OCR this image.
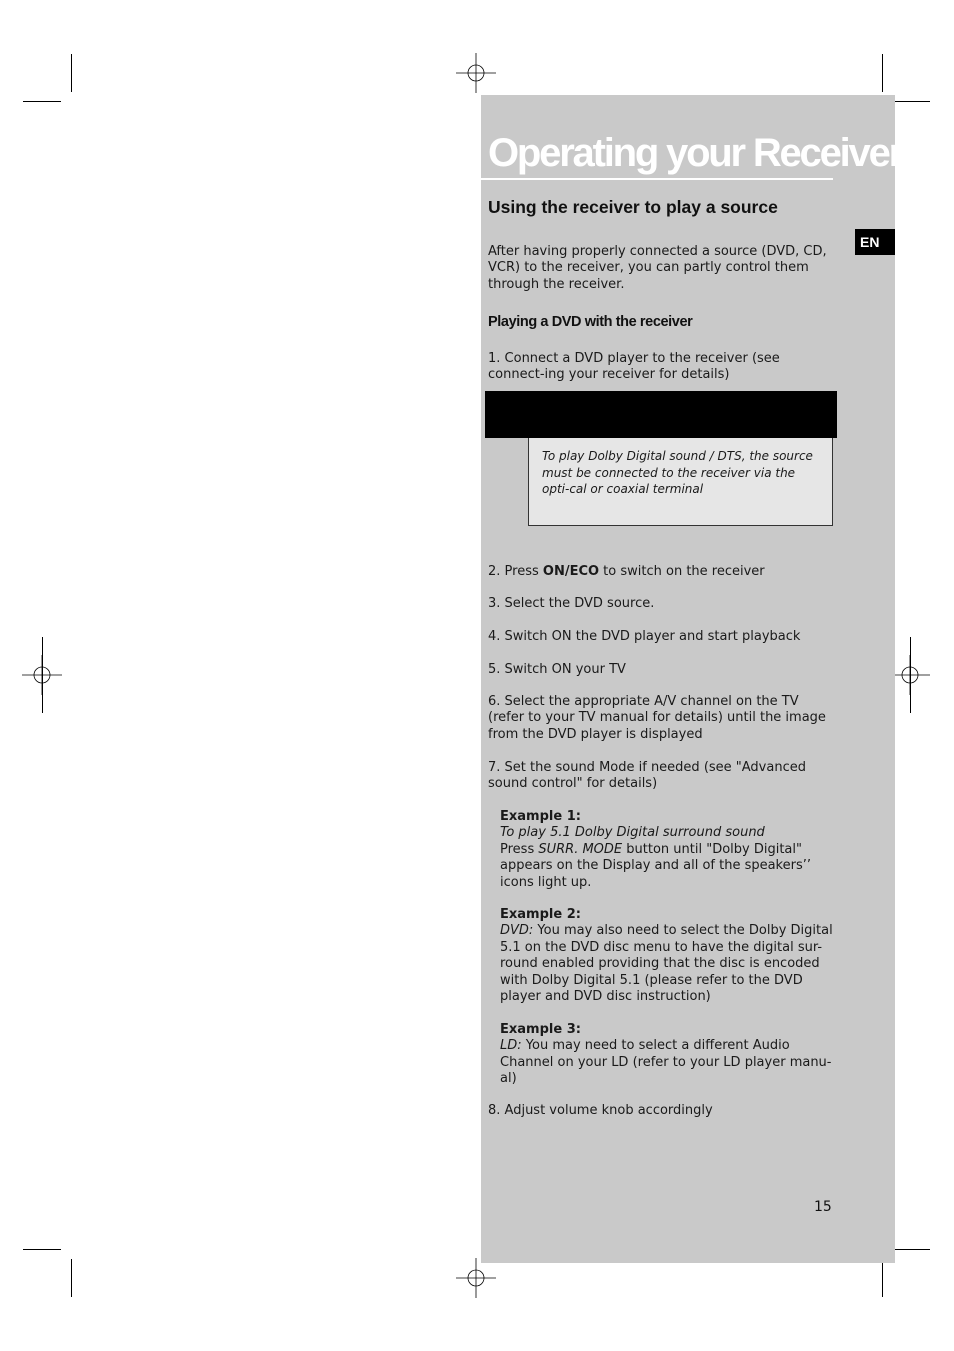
Operating your Receiver
EN
Using the receiver to play a source

After having properly connected a source (DVD, CD, VCR) to the receiver, you can partly control them through the receiver.

Playing a DVD with the receiver

1. Connect a DVD player to the receiver (see connect-ing your receiver for details)

To play Dolby Digital sound / DTS, the source must be connected to the receiver via the opti-cal or coaxial terminal

2. Press ON/ECO to switch on the receiver

3. Select the DVD source.

4. Switch ON the DVD player and start playback

5. Switch ON your TV

6. Select the appropriate A/V channel on the TV (refer to your TV manual for details) until the image from the DVD player is displayed

7. Set the sound Mode if needed (see "Advanced sound control" for details)

Example 1:
To play 5.1 Dolby Digital surround sound
Press SURR. MODE button until "Dolby Digital" appears on the Display and all of the speakers’’ icons light up.

Example 2:
DVD: You may also need to select the Dolby Digital 5.1 on the DVD disc menu to have the digital sur-round enabled providing that the disc is encoded with Dolby Digital 5.1 (please refer to the DVD player and DVD disc instruction)

Example 3:
LD: You may need to select a different Audio Channel on your LD (refer to your LD player manu-al)

8. Adjust volume knob accordingly

15
